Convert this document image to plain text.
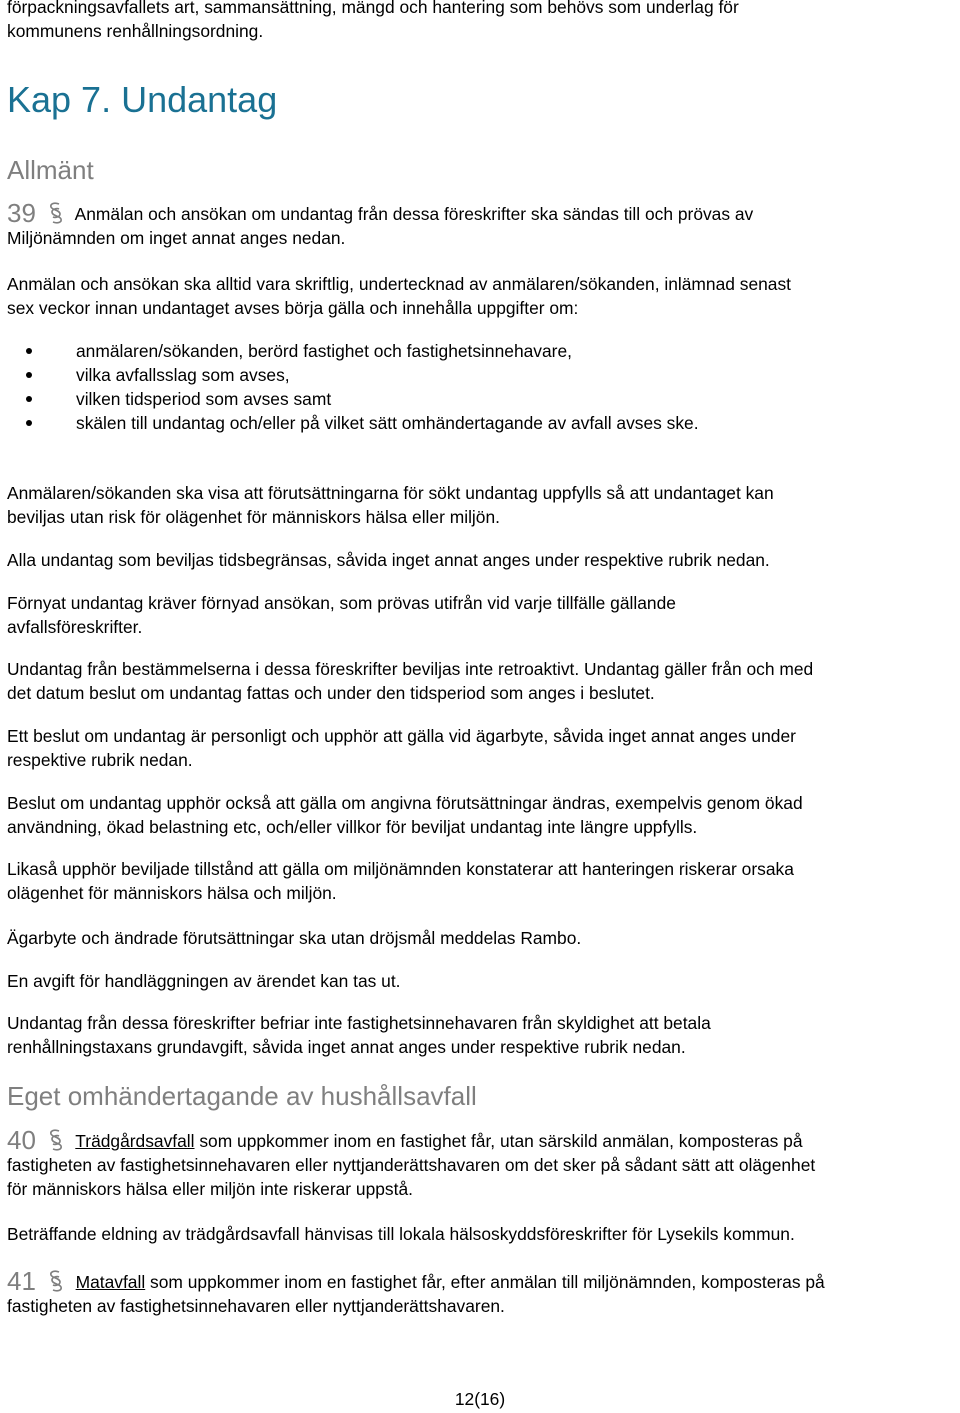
förpackningsavfallets art, sammansättning, mängd och hantering som behövs som underlag för

kommunens renhållningsordning.

Kap 7. Undantag
Allmänt
39 Anmälan och ansökan om undantag från dessa föreskrifter ska sändas till och prövas av
Miljönämnden om inget annat anges nedan.

Anmälan och ansökan ska alltid vara skriftlig, undertecknad av anmälaren/sökanden, inlämnad senast

sex veckor innan undantaget avses börja gälla och innehålla uppgifter om:

anmälaren/sökanden, berörd fastighet och fastighetsinnehavare,
vilka avfallsslag som avses,
vilken tidsperiod som avses samt
skälen till undantag och/eller på vilket sätt omhändertagande av avfall avses ske.
Anmälaren/sökanden ska visa att förutsättningarna för sökt undantag uppfylls så att undantaget kan
beviljas utan risk för olägenhet för människors hälsa eller miljön.
Alla undantag som beviljas tidsbegränsas, såvida inget annat anges under respektive rubrik nedan.
Förnyat undantag kräver förnyad ansökan, som prövas utifrån vid varje tillfälle gällande
avfallsföreskrifter.
Undantag från bestämmelserna i dessa föreskrifter beviljas inte retroaktivt. Undantag gäller från och med
det datum beslut om undantag fattas och under den tidsperiod som anges i beslutet.
Ett beslut om undantag är personligt och upphör att gälla vid ägarbyte, såvida inget annat anges under
respektive rubrik nedan.
Beslut om undantag upphör också att gälla om angivna förutsättningar ändras, exempelvis genom ökad
användning, ökad belastning etc, och/eller villkor för beviljat undantag inte längre uppfylls.
Likaså upphör beviljade tillstånd att gälla om miljönämnden konstaterar att hanteringen riskerar orsaka
olägenhet för människors hälsa och miljön.
Ägarbyte och ändrade förutsättningar ska utan dröjsmål meddelas Rambo.
En avgift för handläggningen av ärendet kan tas ut.
Undantag från dessa föreskrifter befriar inte fastighetsinnehavaren från skyldighet att betala
renhållningstaxans grundavgift, såvida inget annat anges under respektive rubrik nedan.
Eget omhändertagande av hushållsavfall
40 Trädgårdsavfall som uppkommer inom en fastighet får, utan särskild anmälan, komposteras på
fastigheten av fastighetsinnehavaren eller nyttjanderättshavaren om det sker på sådant sätt att olägenhet
för människors hälsa eller miljön inte riskerar uppstå.

Beträffande eldning av trädgårdsavfall hänvisas till lokala hälsoskyddsföreskrifter för Lysekils kommun.

41 Matavfall som uppkommer inom en fastighet får, efter anmälan till miljönämnden, komposteras på
fastigheten av fastighetsinnehavaren eller nyttjanderättshavaren.
12(16)
